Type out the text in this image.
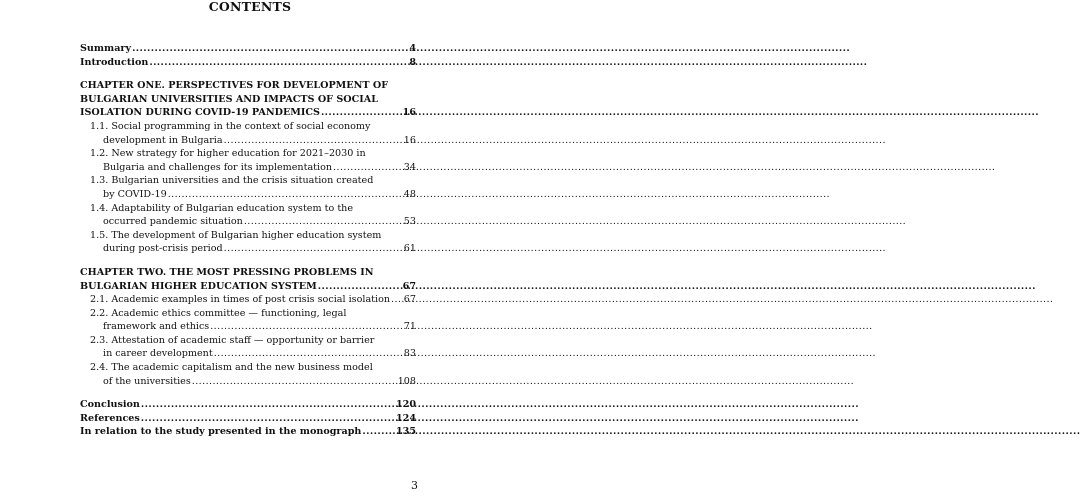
CONTENTS
Summary .....	4
Introduction .....	8
CHAPTER ONE. PERSPECTIVES FOR DEVELOPMENT OF
BULGARIAN UNIVERSITIES AND IMPACTS OF SOCIAL
ISOLATION DURING COVID-19 PANDEMICS .....	16
1.1. Social programming in the context of social economy
development in Bulgaria .....	16
1.2. New strategy for higher education for 2021–2030 in
Bulgaria and challenges for its implementation .....	34
1.3. Bulgarian universities and the crisis situation created
by COVID-19 .....	48
1.4. Adaptability of Bulgarian education system to the
occurred pandemic situation .....	53
1.5. The development of Bulgarian higher education system
during post-crisis period .....	61
CHAPTER TWO. THE MOST PRESSING PROBLEMS IN
BULGARIAN HIGHER EDUCATION SYSTEM .....	67
2.1. Academic examples in times of post crisis social isolation ..... 67
2.2. Academic ethics committee — functioning, legal
framework and ethics .....	71
2.3. Attestation of academic staff — opportunity or barrier
in career development .....	83
2.4. The academic capitalism and the new business model
of the universities .....	108
Conclusion .....	120
References .....	124
In relation to the study presented in the monograph .....	135
3
